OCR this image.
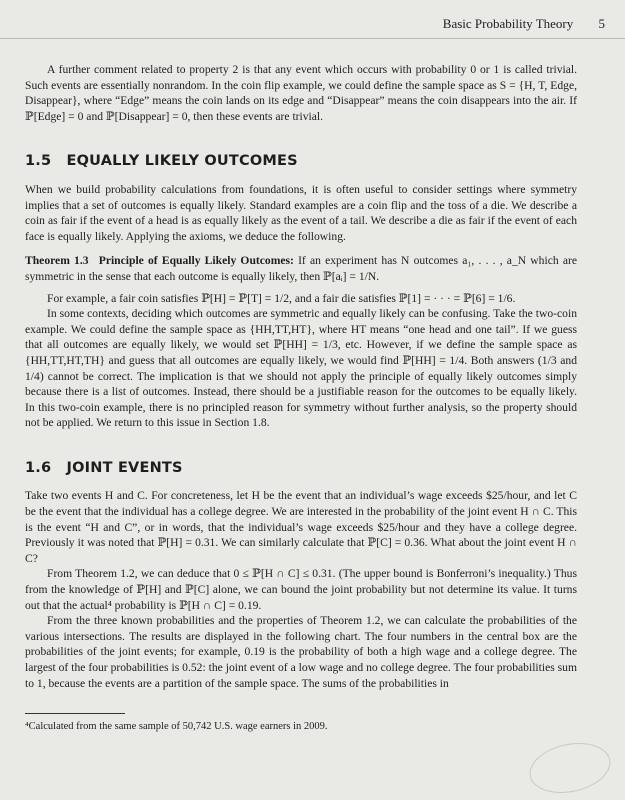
Basic Probability Theory 5

A further comment related to property 2 is that any event which occurs with probability 0 or 1 is called trivial. Such events are essentially nonrandom. In the coin flip example, we could define the sample space as S = {H, T, Edge, Disappear}, where “Edge” means the coin lands on its edge and “Disappear” means the coin disappears into the air. If ℙ[Edge] = 0 and ℙ[Disappear] = 0, then these events are trivial.

1.5 EQUALLY LIKELY OUTCOMES

When we build probability calculations from foundations, it is often useful to consider settings where symmetry implies that a set of outcomes is equally likely. Standard examples are a coin flip and the toss of a die. We describe a coin as fair if the event of a head is as equally likely as the event of a tail. We describe a die as fair if the event of each face is equally likely. Applying the axioms, we deduce the following.

Theorem 1.3 Principle of Equally Likely Outcomes: If an experiment has N outcomes a₁, . . . , a_N which are symmetric in the sense that each outcome is equally likely, then ℙ[aᵢ] = 1/N.

For example, a fair coin satisfies ℙ[H] = ℙ[T] = 1/2, and a fair die satisfies ℙ[1] = · · · = ℙ[6] = 1/6.

In some contexts, deciding which outcomes are symmetric and equally likely can be confusing. Take the two-coin example. We could define the sample space as {HH,TT,HT}, where HT means “one head and one tail”. If we guess that all outcomes are equally likely, we would set ℙ[HH] = 1/3, etc. However, if we define the sample space as {HH,TT,HT,TH} and guess that all outcomes are equally likely, we would find ℙ[HH] = 1/4. Both answers (1/3 and 1/4) cannot be correct. The implication is that we should not apply the principle of equally likely outcomes simply because there is a list of outcomes. Instead, there should be a justifiable reason for the outcomes to be equally likely. In this two-coin example, there is no principled reason for symmetry without further analysis, so the property should not be applied. We return to this issue in Section 1.8.

1.6 JOINT EVENTS

Take two events H and C. For concreteness, let H be the event that an individual’s wage exceeds $25/hour, and let C be the event that the individual has a college degree. We are interested in the probability of the joint event H ∩ C. This is the event “H and C”, or in words, that the individual’s wage exceeds $25/hour and they have a college degree. Previously it was noted that ℙ[H] = 0.31. We can similarly calculate that ℙ[C] = 0.36. What about the joint event H ∩ C?

From Theorem 1.2, we can deduce that 0 ≤ ℙ[H ∩ C] ≤ 0.31. (The upper bound is Bonferroni’s inequality.) Thus from the knowledge of ℙ[H] and ℙ[C] alone, we can bound the joint probability but not determine its value. It turns out that the actual⁴ probability is ℙ[H ∩ C] = 0.19.

From the three known probabilities and the properties of Theorem 1.2, we can calculate the probabilities of the various intersections. The results are displayed in the following chart. The four numbers in the central box are the probabilities of the joint events; for example, 0.19 is the probability of both a high wage and a college degree. The largest of the four probabilities is 0.52: the joint event of a low wage and no college degree. The four probabilities sum to 1, because the events are a partition of the sample space. The sums of the probabilities in

⁴Calculated from the same sample of 50,742 U.S. wage earners in 2009.
